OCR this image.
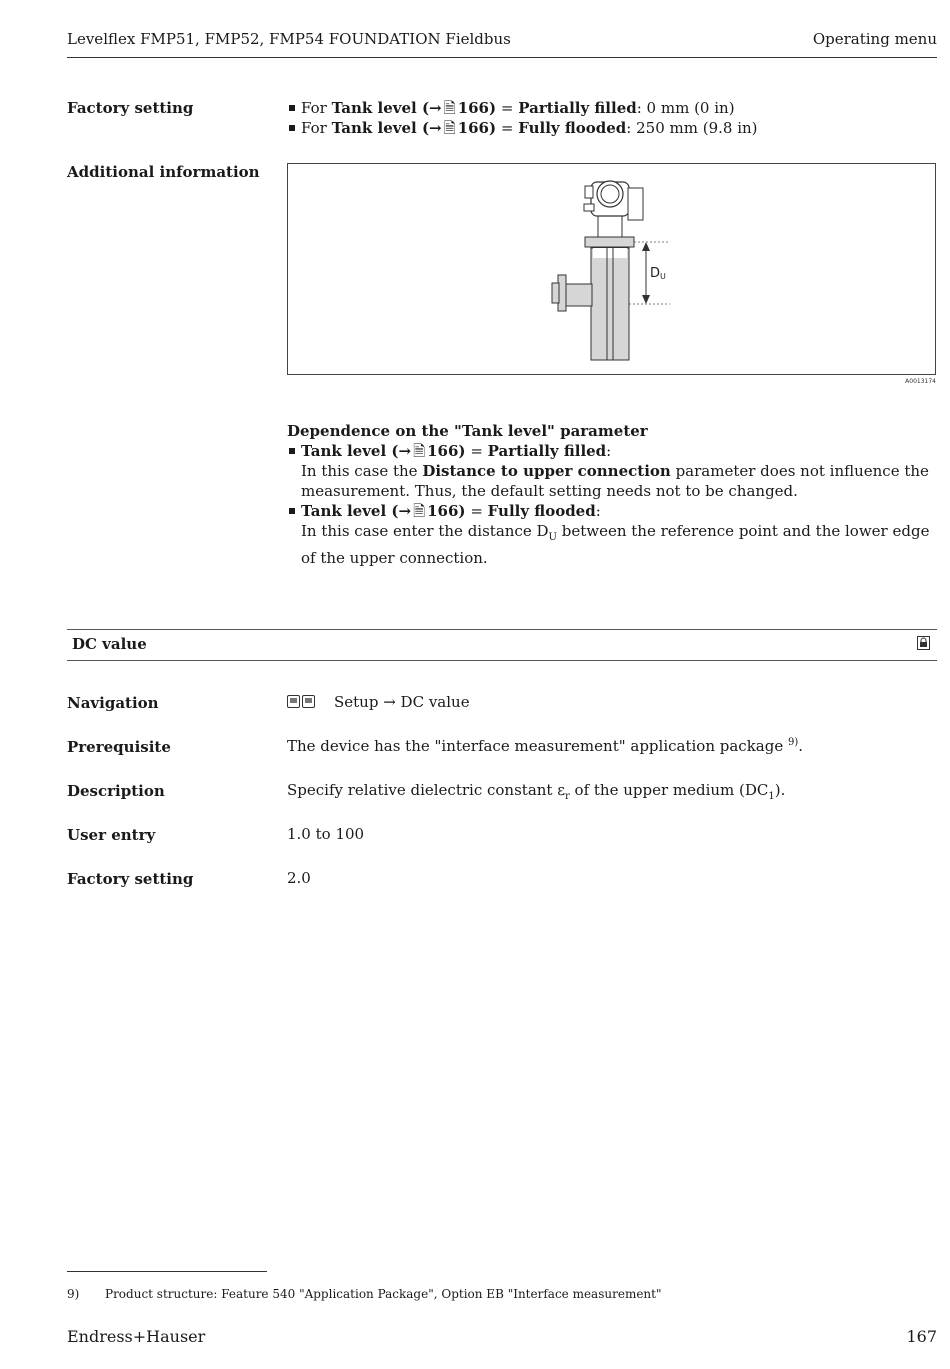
Levelflex FMP51, FMP52, FMP54 FOUNDATION Fieldbus	Operating menu
Factory setting	For Tank level (→ 🗎 166) = Partially filled: 0 mm (0 in)
For Tank level (→ 🗎 166) = Fully flooded: 250 mm (9.8 in)
Additional information
D U
A0013174
Dependence on the "Tank level" parameter
Tank level (→ 🗎 166) = Partially filled:
In this case the Distance to upper connection parameter does not influence the measurement. Thus, the default setting needs not to be changed.
Tank level (→ 🗎 166) = Fully flooded:
In this case enter the distance $D_U$ between the reference point and the lower edge of the upper connection.
DC value
Navigation	Setup → DC value
Prerequisite	The device has the "interface measurement" application package $^{9)}$.
Description	Specify relative dielectric constant $\varepsilon_r$ of the upper medium $(DC_1)$.
User entry	1.0 to 100
Factory setting	2.0
9) Product structure: Feature 540 "Application Package", Option EB "Interface measurement"
Endress+Hauser	167
